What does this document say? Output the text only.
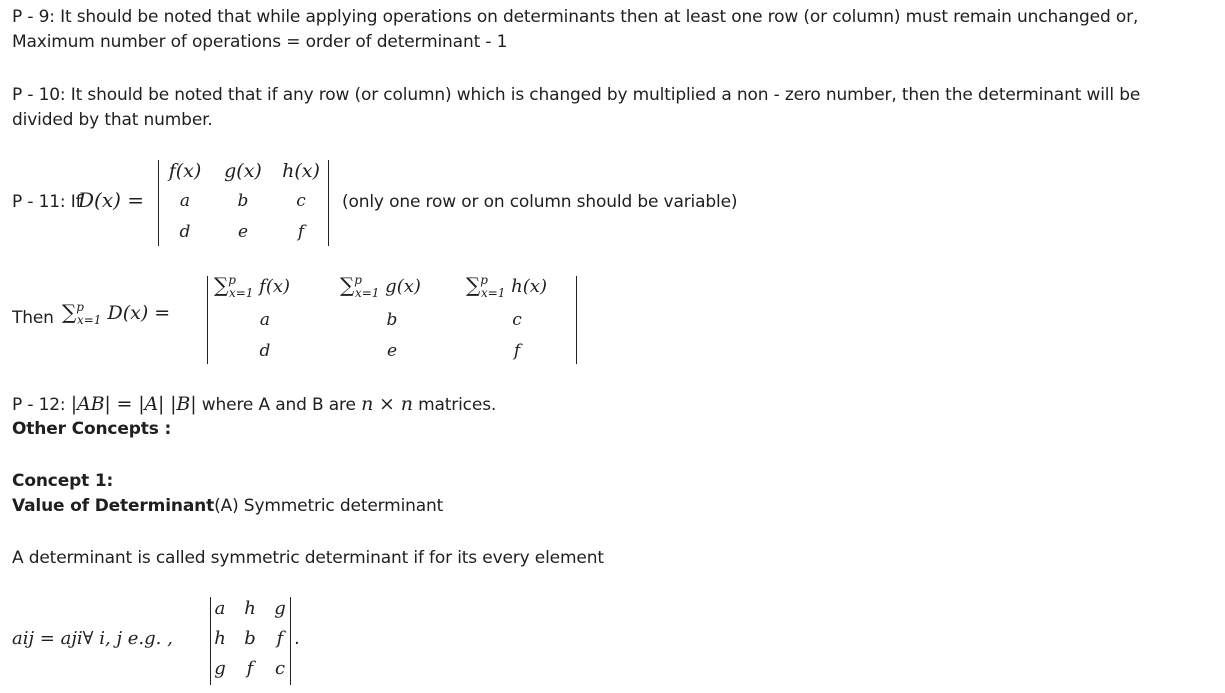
P - 9: It should be noted that while applying operations on determinants then at least one row (or column) must remain unchanged or,
Maximum number of operations = order of determinant - 1
P - 10: It should be noted that if any row (or column) which is changed by multiplied a non - zero number, then the determinant will be
divided by that number.
P - 11: If
D(x) =
f(x)	g(x)	h(x)
a	b	c
d	e	f
(only one row or on column should be variable)
Then ∑$^p_{x=1}$ D(x) =
∑$^p_{x=1}$ f(x) ∑$^p_{x=1}$ g(x) ∑$^p_{x=1}$ h(x)
a	b	c
d	e	f
P - 12: |AB| = |A| |B| where A and B are n × n matrices.
Other Concepts :
Concept 1:
Value of Determinant(A) Symmetric determinant
A determinant is called symmetric determinant if for its every element
aij = aji∀ i, j e.g. ,
a h g
h b	f
g	f	c
.
